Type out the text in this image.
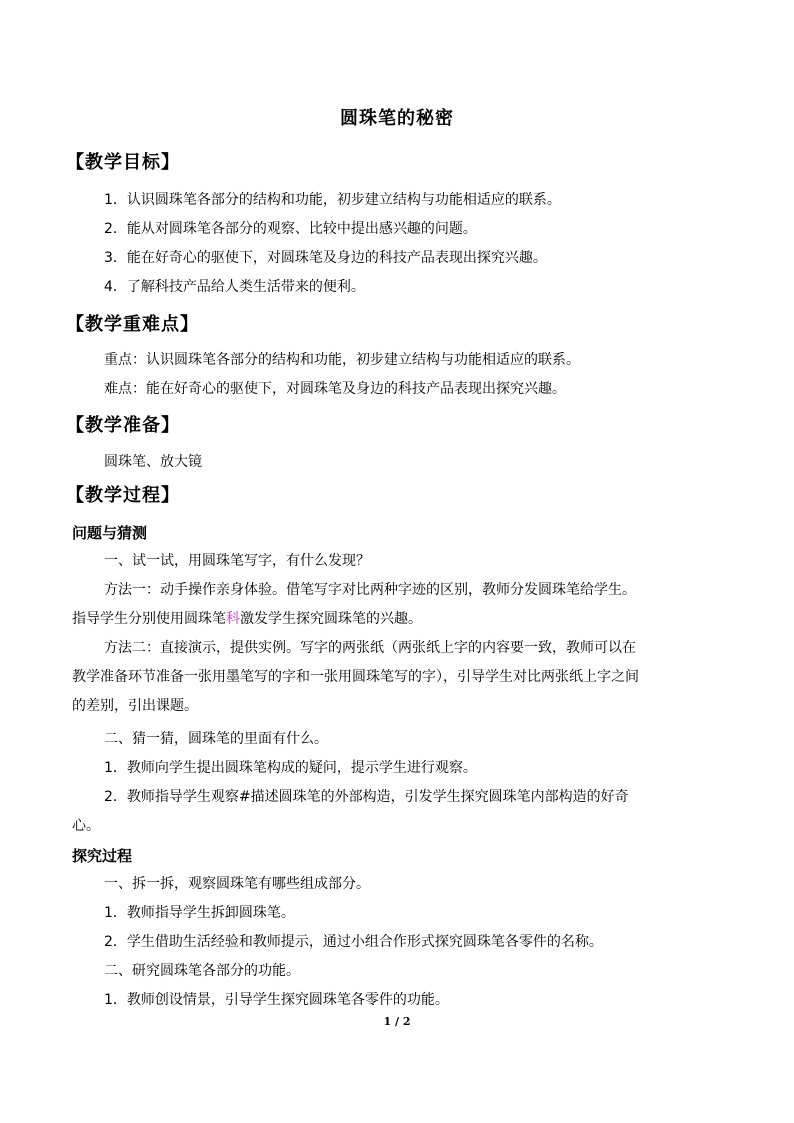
圆珠笔的秘密
【教学目标】
1．认识圆珠笔各部分的结构和功能，初步建立结构与功能相适应的联系。
2．能从对圆珠笔各部分的观察、比较中提出感兴趣的问题。
3．能在好奇心的驱使下，对圆珠笔及身边的科技产品表现出探究兴趣。
4．了解科技产品给人类生活带来的便利。
【教学重难点】
重点：认识圆珠笔各部分的结构和功能，初步建立结构与功能相适应的联系。
难点：能在好奇心的驱使下，对圆珠笔及身边的科技产品表现出探究兴趣。
【教学准备】
圆珠笔、放大镜
【教学过程】
问题与猜测
一、试一试，用圆珠笔写字，有什么发现？
方法一：动手操作亲身体验。借笔写字对比两种字迹的区别，教师分发圆珠笔给学生。
指导学生分别使用圆珠笔科激发学生探究圆珠笔的兴趣。
方法二：直接演示，提供实例。写字的两张纸（两张纸上字的内容要一致，教师可以在
教学准备环节准备一张用墨笔写的字和一张用圆珠笔写的字），引导学生对比两张纸上字之间
的差别，引出课题。
二、猜一猜，圆珠笔的里面有什么。
1．教师向学生提出圆珠笔构成的疑问，提示学生进行观察。
2．教师指导学生观察#描述圆珠笔的外部构造，引发学生探究圆珠笔内部构造的好奇
心。
探究过程
一、拆一拆，观察圆珠笔有哪些组成部分。
1．教师指导学生拆卸圆珠笔。
2．学生借助生活经验和教师提示，通过小组合作形式探究圆珠笔各零件的名称。
二、研究圆珠笔各部分的功能。
1．教师创设情景，引导学生探究圆珠笔各零件的功能。
1 / 2
